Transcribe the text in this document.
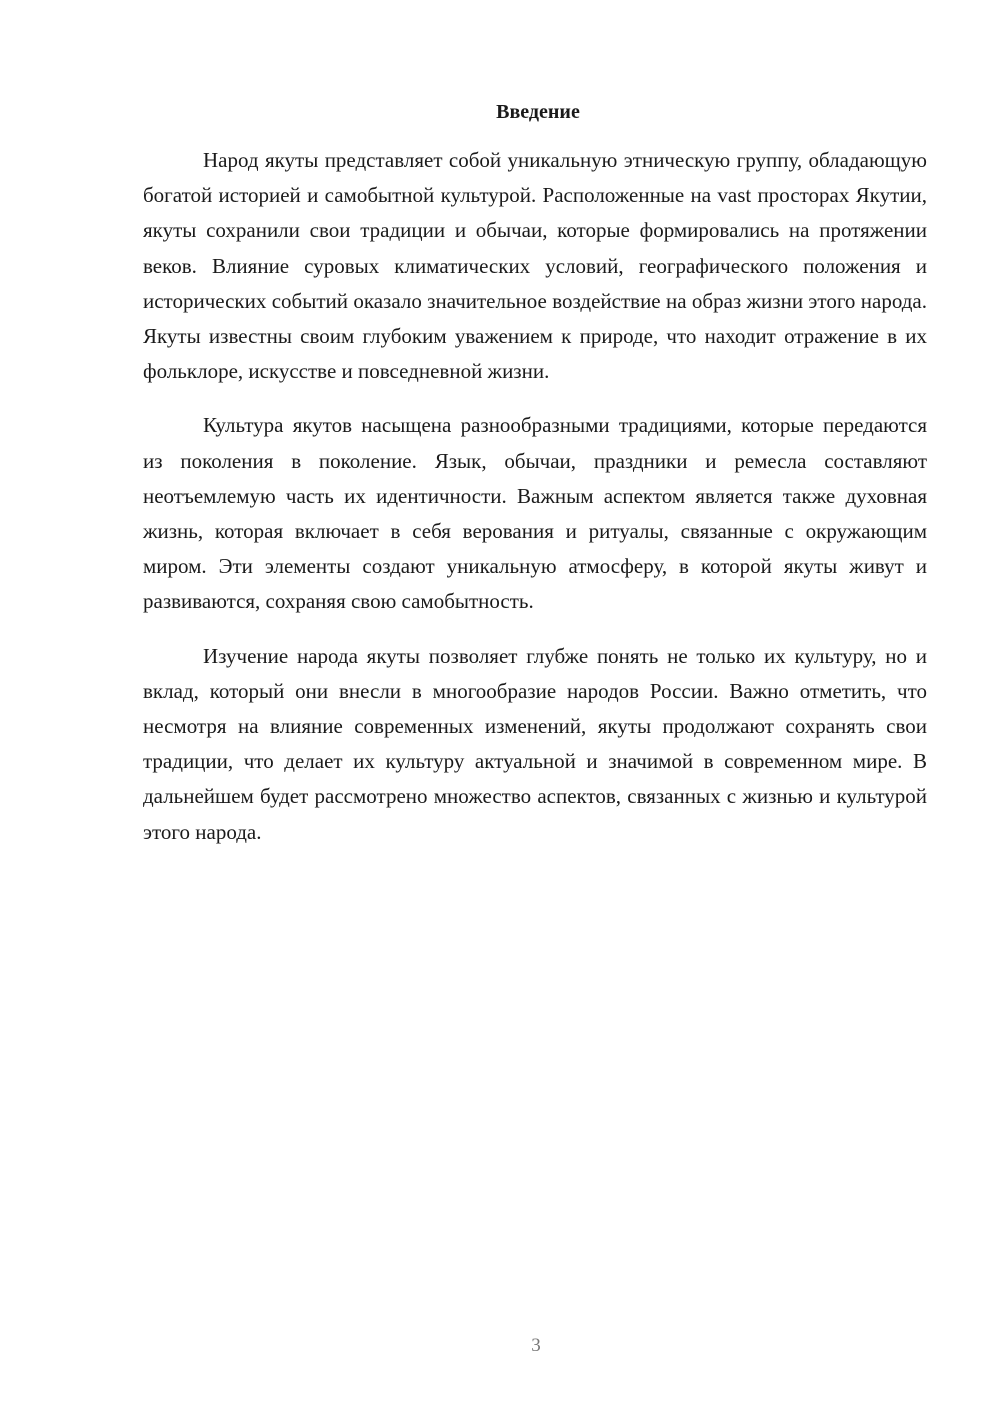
Введение

Народ якуты представляет собой уникальную этническую группу, обладающую богатой историей и самобытной культурой. Расположенные на vast просторах Якутии, якуты сохранили свои традиции и обычаи, которые формировались на протяжении веков. Влияние суровых климатических условий, географического положения и исторических событий оказало значительное воздействие на образ жизни этого народа. Якуты известны своим глубоким уважением к природе, что находит отражение в их фольклоре, искусстве и повседневной жизни.

Культура якутов насыщена разнообразными традициями, которые передаются из поколения в поколение. Язык, обычаи, праздники и ремесла составляют неотъемлемую часть их идентичности. Важным аспектом является также духовная жизнь, которая включает в себя верования и ритуалы, связанные с окружающим миром. Эти элементы создают уникальную атмосферу, в которой якуты живут и развиваются, сохраняя свою самобытность.

Изучение народа якуты позволяет глубже понять не только их культуру, но и вклад, который они внесли в многообразие народов России. Важно отметить, что несмотря на влияние современных изменений, якуты продолжают сохранять свои традиции, что делает их культуру актуальной и значимой в современном мире. В дальнейшем будет рассмотрено множество аспектов, связанных с жизнью и культурой этого народа.

3
